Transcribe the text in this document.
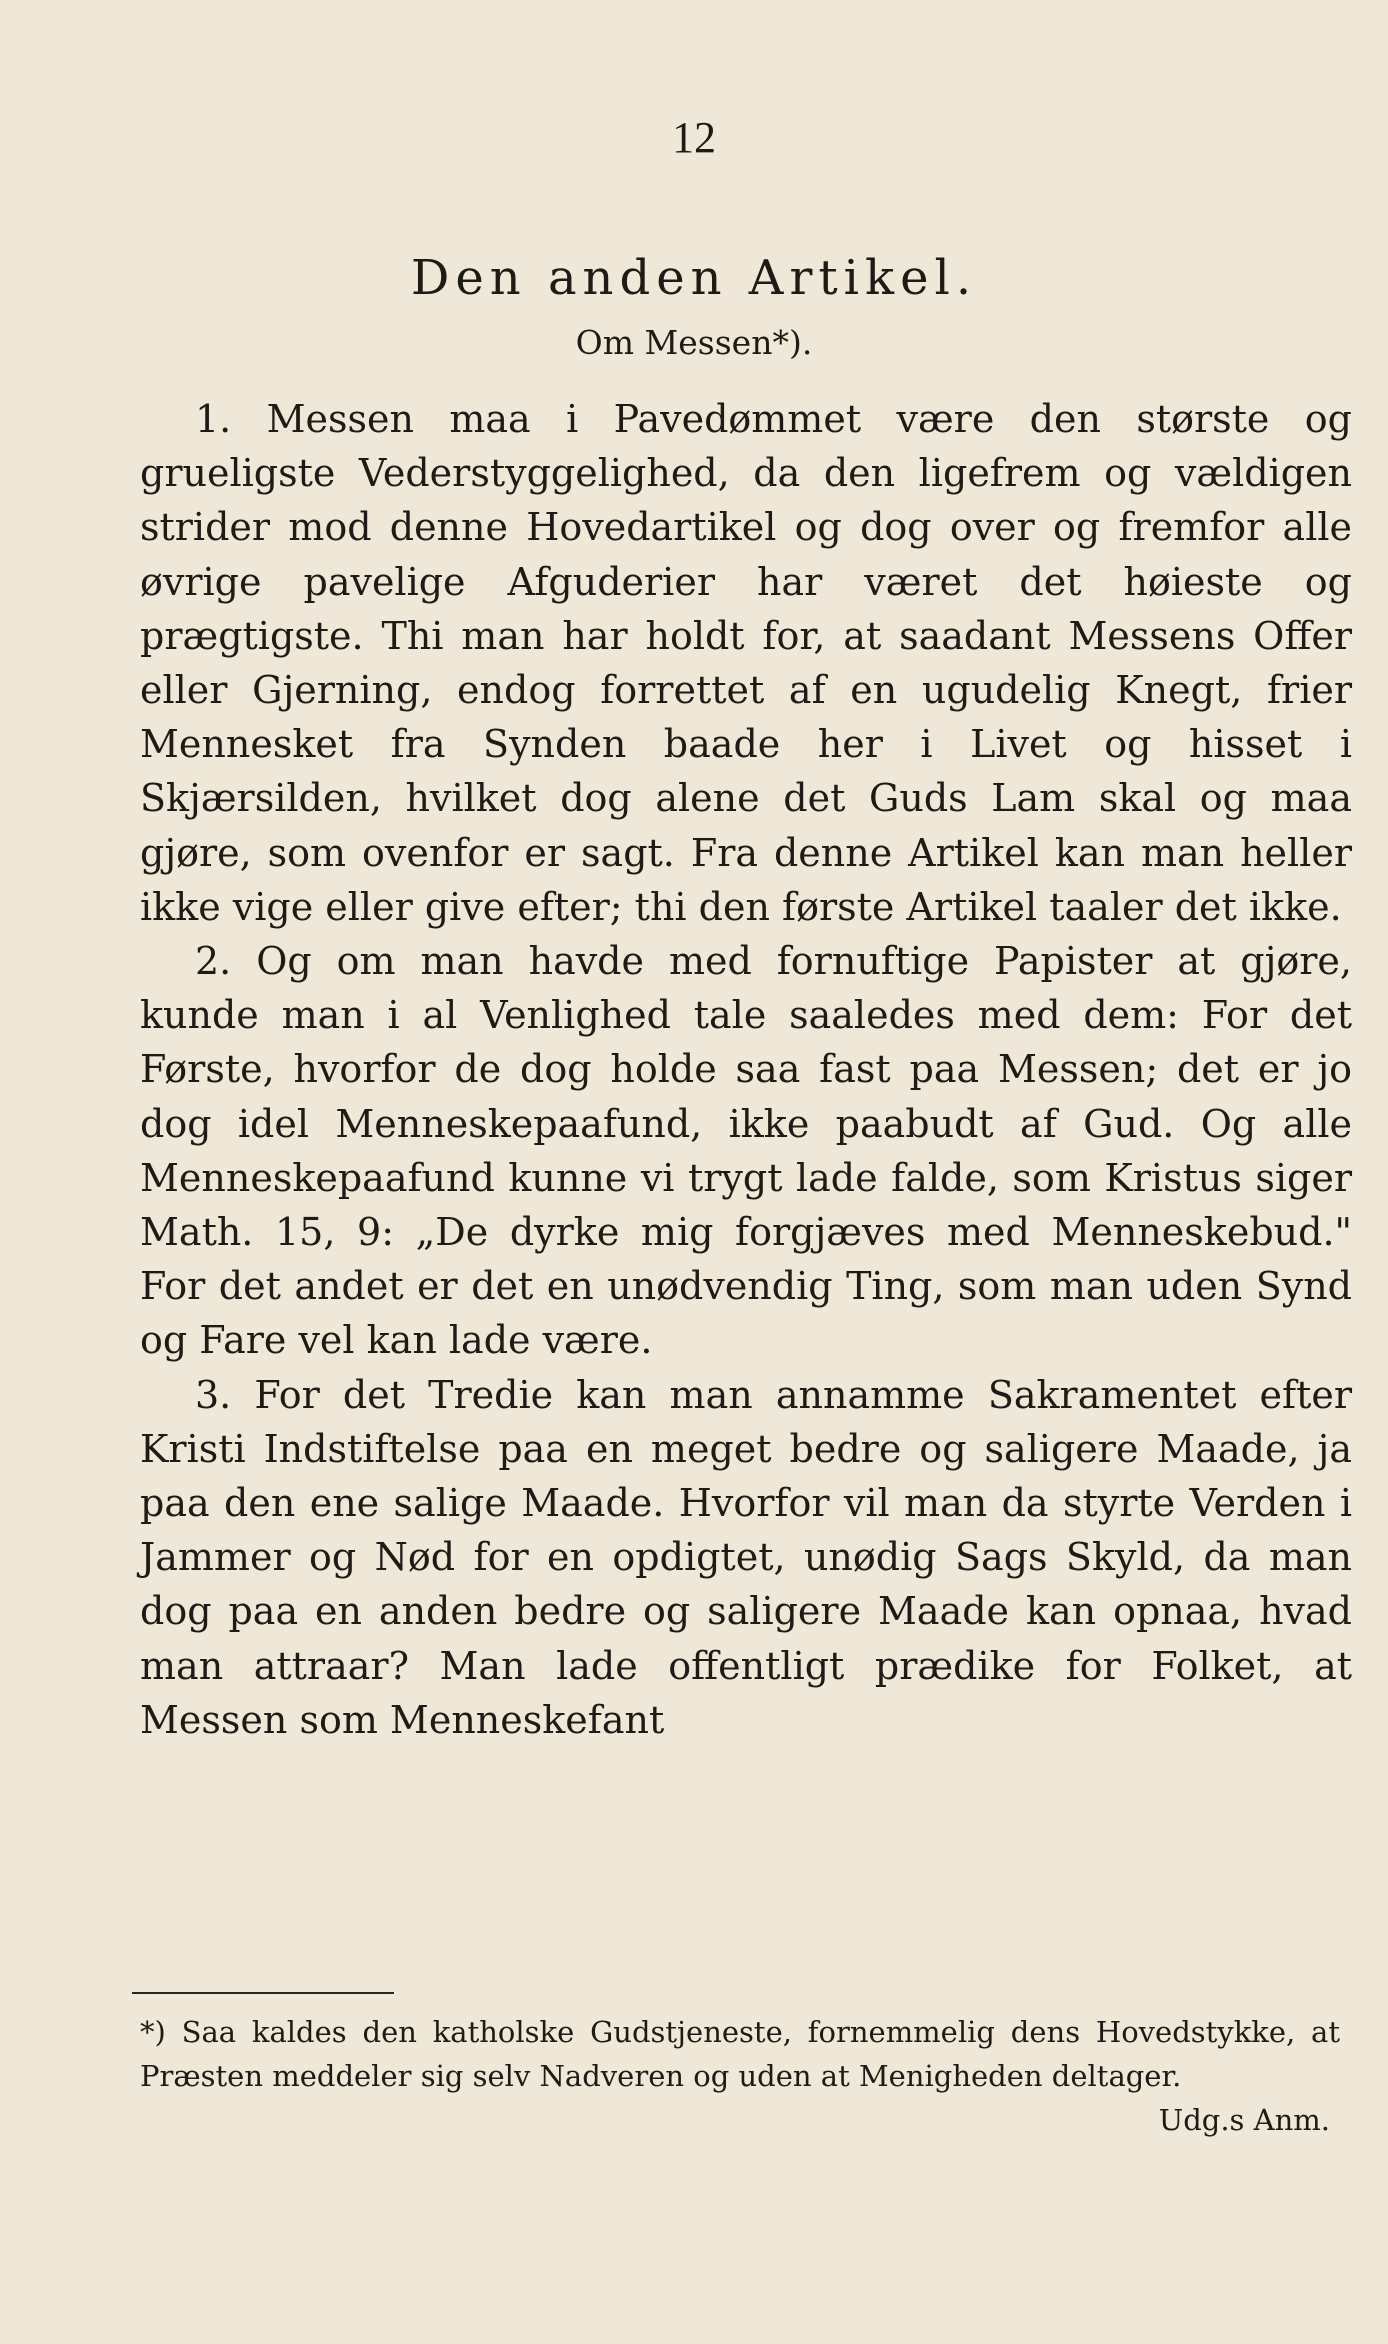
12
Den anden Artikel.
Om Messen*).

1. Messen maa i Pavedømmet være den største og grueligste Vederstyggelighed, da den ligefrem og vældigen strider mod denne Hovedartikel og dog over og fremfor alle øvrige pavelige Afguderier har været det høieste og prægtigste. Thi man har holdt for, at saadant Messens Offer eller Gjerning, endog forrettet af en ugudelig Knegt, frier Mennesket fra Synden baade her i Livet og hisset i Skjærsilden, hvilket dog alene det Guds Lam skal og maa gjøre, som ovenfor er sagt. Fra denne Artikel kan man heller ikke vige eller give efter; thi den første Artikel taaler det ikke.

2. Og om man havde med fornuftige Papister at gjøre, kunde man i al Venlighed tale saaledes med dem: For det Første, hvorfor de dog holde saa fast paa Messen; det er jo dog idel Menneskepaafund, ikke paabudt af Gud. Og alle Menneskepaafund kunne vi trygt lade falde, som Kristus siger Math. 15, 9: „De dyrke mig forgjæves med Menneskebud." For det andet er det en unødvendig Ting, som man uden Synd og Fare vel kan lade være.

3. For det Tredie kan man annamme Sakramentet efter Kristi Indstiftelse paa en meget bedre og saligere Maade, ja paa den ene salige Maade. Hvorfor vil man da styrte Verden i Jammer og Nød for en opdigtet, unødig Sags Skyld, da man dog paa en anden bedre og saligere Maade kan opnaa, hvad man attraar? Man lade offentligt prædike for Folket, at Messen som Menneskefant

*) Saa kaldes den katholske Gudstjeneste, fornemmelig dens Hovedstykke, at Præsten meddeler sig selv Nadveren og uden at Menigheden deltager.
Udg.s Anm.
